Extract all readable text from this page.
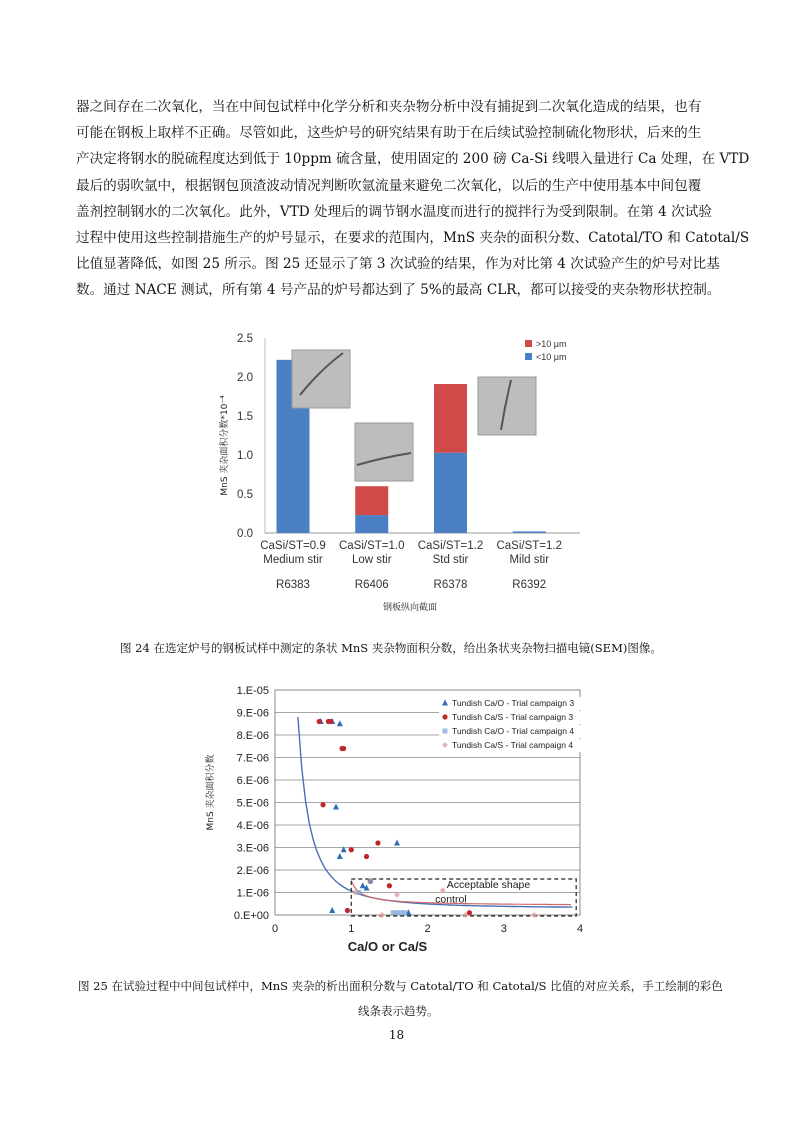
器之间存在二次氧化，当在中间包试样中化学分析和夹杂物分析中没有捕捉到二次氧化造成的结果，也有
可能在钢板上取样不正确。尽管如此，这些炉号的研究结果有助于在后续试验控制硫化物形状，后来的生
产决定将钢水的脱硫程度达到低于 10ppm 硫含量，使用固定的 200 磅 Ca-Si 线喂入量进行 Ca 处理，在 VTD
最后的弱吹氩中，根据钢包顶渣波动情况判断吹氩流量来避免二次氧化，以后的生产中使用基本中间包覆
盖剂控制钢水的二次氧化。此外，VTD 处理后的调节钢水温度而进行的搅拌行为受到限制。在第 4 次试验
过程中使用这些控制措施生产的炉号显示，在要求的范围内，MnS 夹杂的面积分数、Catotal/TO 和 Catotal/S
比值显著降低，如图 25 所示。图 25 还显示了第 3 次试验的结果，作为对比第 4 次试验产生的炉号对比基
数。通过 NACE 测试，所有第 4 号产品的炉号都达到了 5%的最高 CLR，都可以接受的夹杂物形状控制。
0.0
0.5
1.0
1.5
2.0
2.5
MnS 夹杂面积分数*10⁻⁴
CaSi/ST=0.9
Medium stir
R6383
CaSi/ST=1.0
Low stir
R6406
CaSi/ST=1.2
Std stir
R6378
CaSi/ST=1.2
Mild stir
R6392
>10 μm
<10 μm
钢板纵向截面
图 24 在选定炉号的钢板试样中测定的条状 MnS 夹杂物面积分数，给出条状夹杂物扫描电镜(SEM)图像。
0.E+00
1.E-06
2.E-06
3.E-06
4.E-06
5.E-06
6.E-06
7.E-06
8.E-06
9.E-06
1.E-05
0	1	2	3	4
Ca/O or Ca/S
MnS 夹杂面积分数
Acceptable shape
control
Tundish Ca/O - Trial campaign 3
Tundish Ca/S - Trial campaign 3
Tundish Ca/O - Trial campaign 4
Tundish Ca/S - Trial campaign 4
图 25 在试验过程中中间包试样中，MnS 夹杂的析出面积分数与 Catotal/TO 和 Catotal/S 比值的对应关系，手工绘制的彩色
线条表示趋势。
18
